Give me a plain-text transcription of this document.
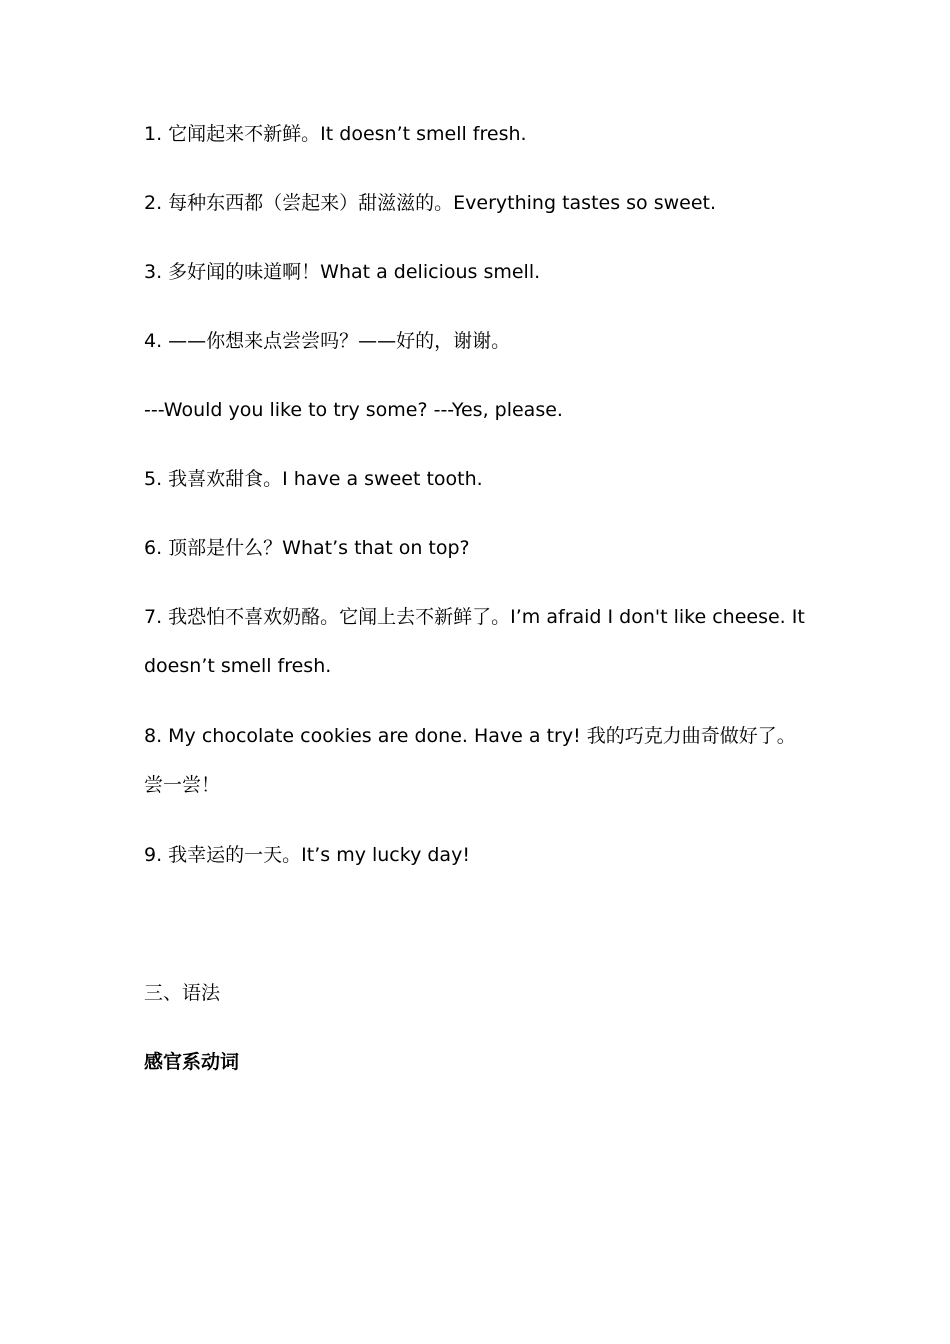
1. 它闻起来不新鲜。It doesn’t smell fresh.
2. 每种东西都（尝起来）甜滋滋的。Everything tastes so sweet.
3. 多好闻的味道啊！What a delicious smell.
4. ——你想来点尝尝吗？——好的，谢谢。
---Would you like to try some? ---Yes, please.
5. 我喜欢甜食。I have a sweet tooth.
6. 顶部是什么？What’s that on top?
7. 我恐怕不喜欢奶酪。它闻上去不新鲜了。I’m afraid I don't like cheese. It doesn’t smell fresh.
8. My chocolate cookies are done. Have a try! 我的巧克力曲奇做好了。尝一尝！
9. 我幸运的一天。It’s my lucky day!
三、语法
感官系动词
